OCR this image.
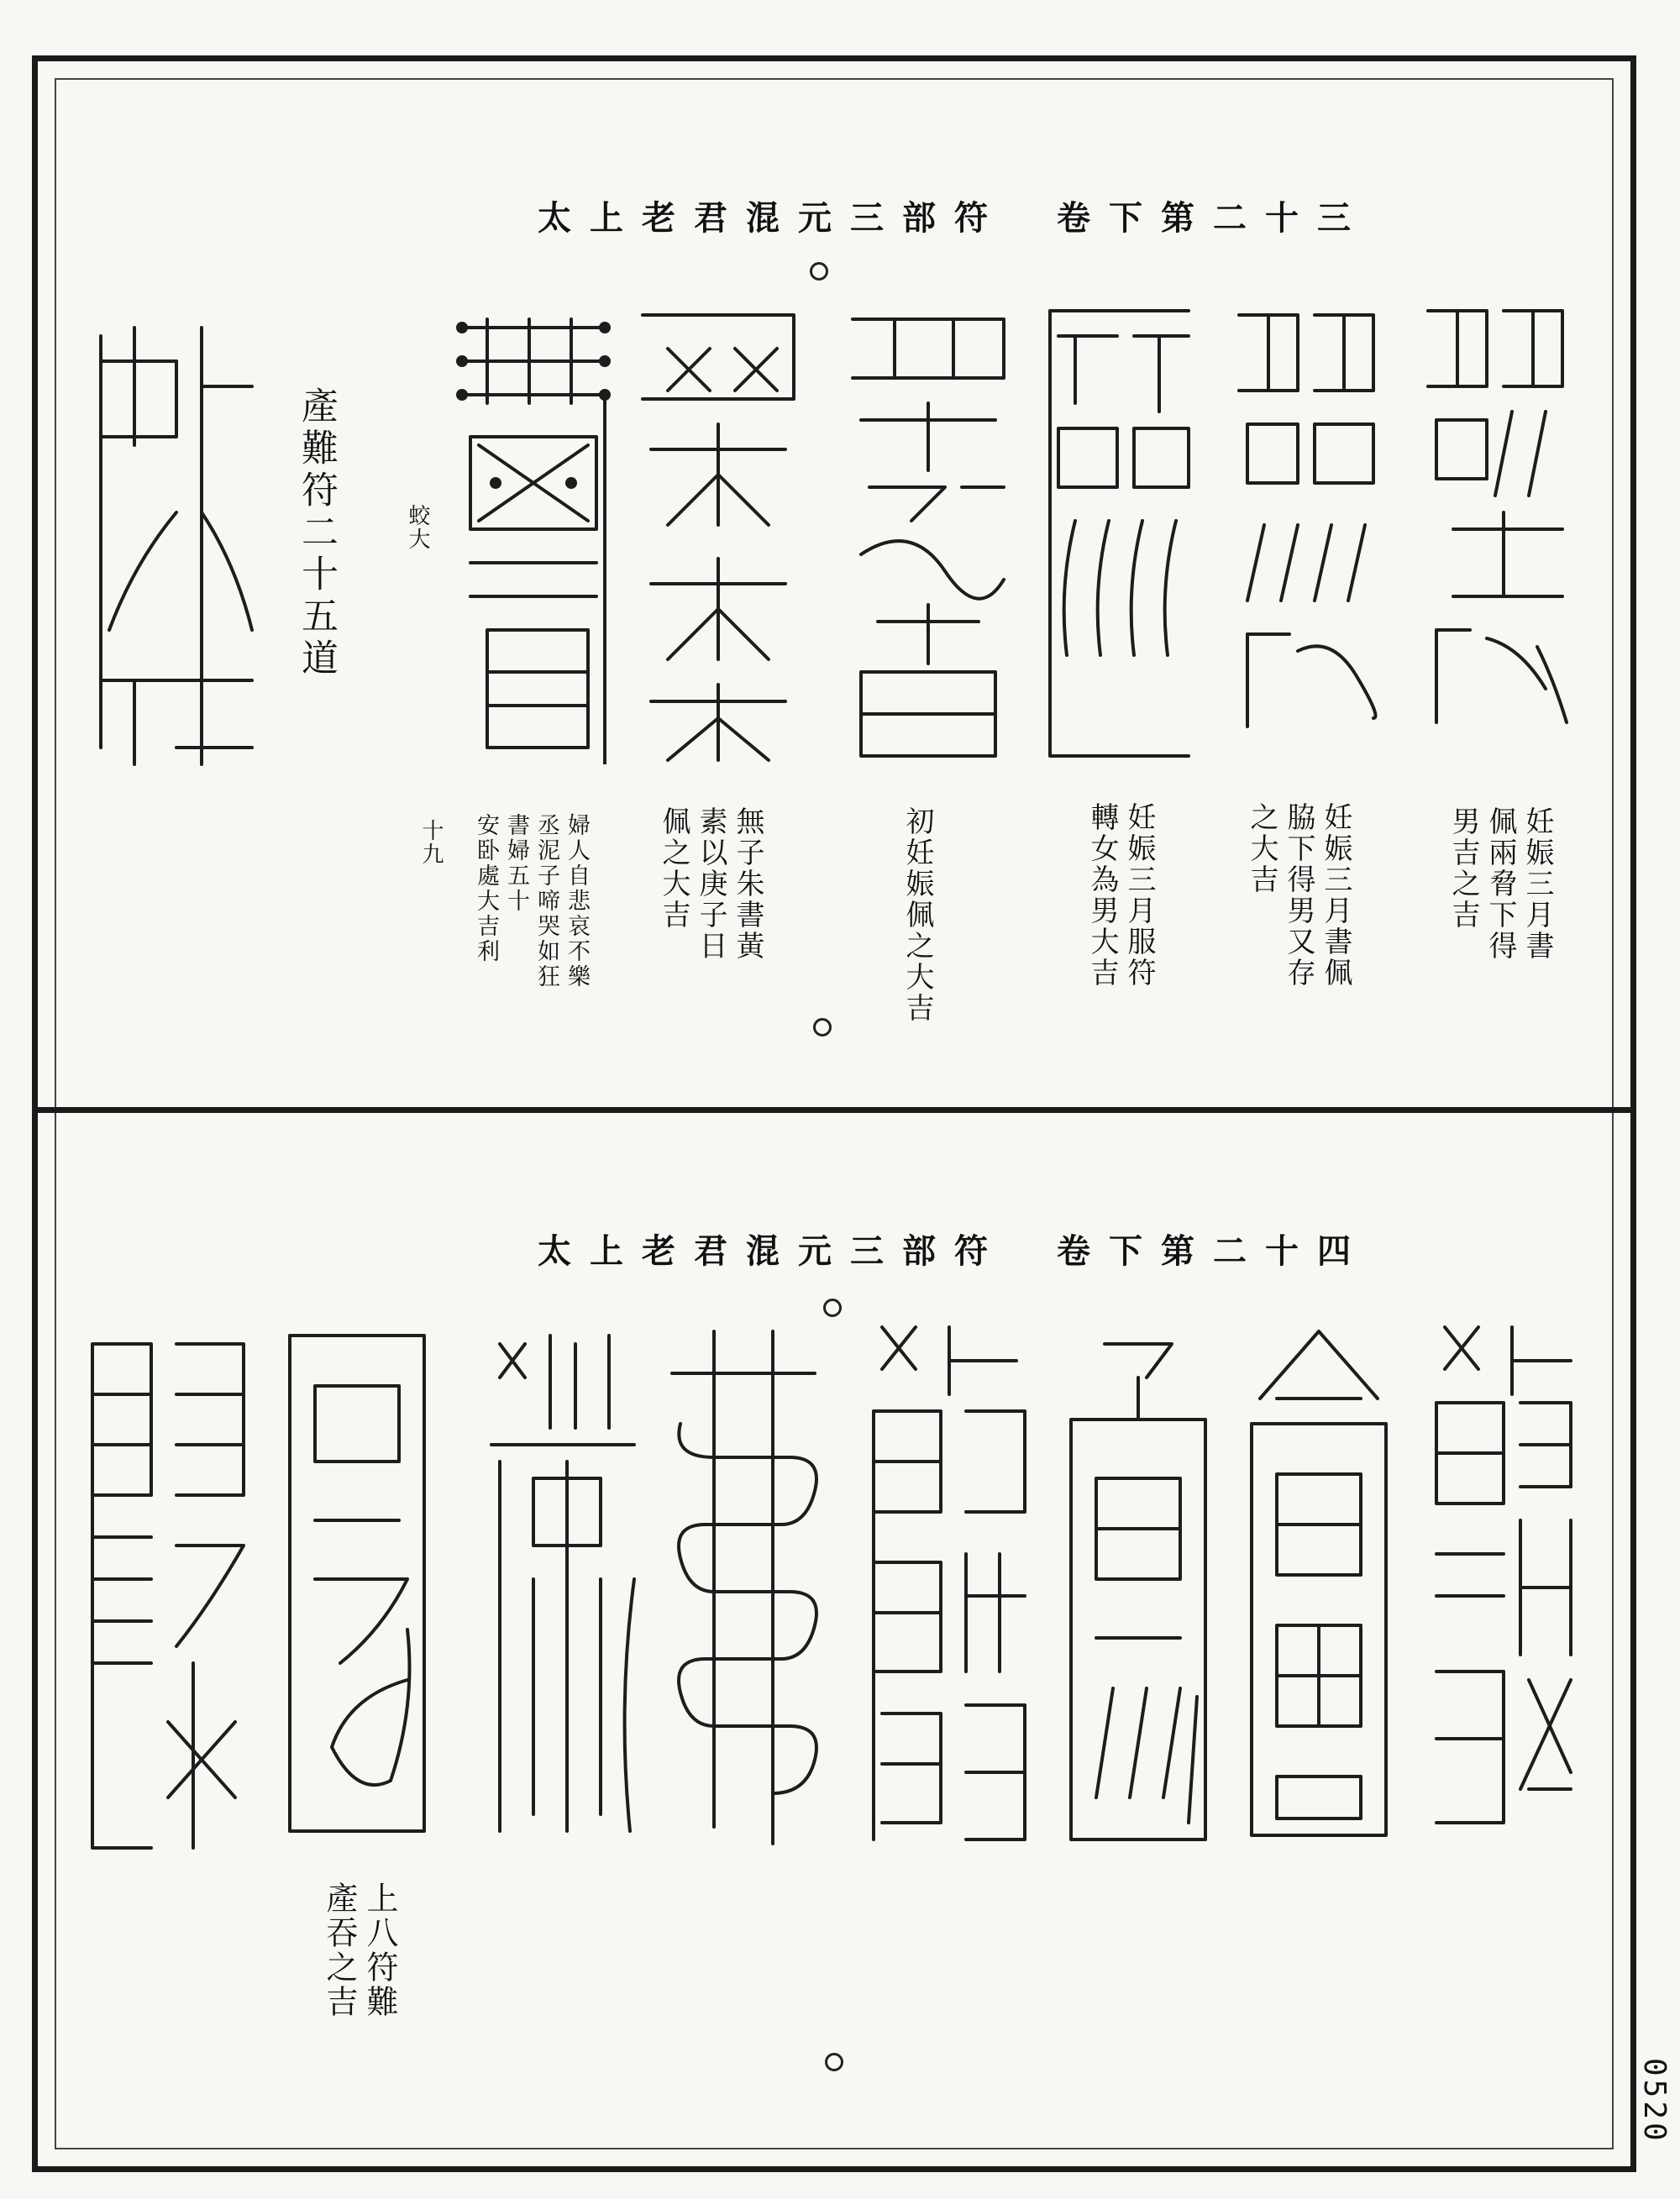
太上老君混元三部符 卷下第二十三
產難符二十五道	蛟大
十九	婦人自悲哀不樂
丞泥子啼哭如狂
書婦五十
安卧處大吉利	無子朱書黃
素以庚子日
佩之大吉	初妊娠佩之大吉	妊娠三月服符
轉女為男大吉	妊娠三月書佩
脇下得男又存
之大吉	妊娠三月書
佩兩脅下得
男吉之吉
太上老君混元三部符 卷下第二十四
上八符難
產吞之吉
0520
